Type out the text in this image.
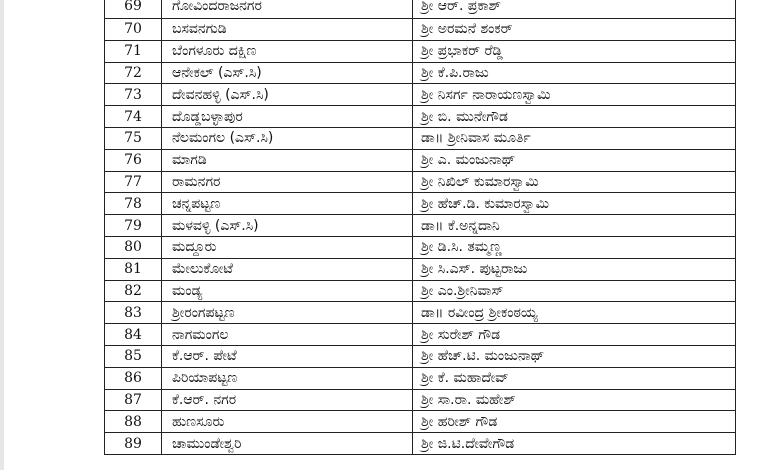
69	ಗೋವಿಂದರಾಜನಗರ	ಶ್ರೀ ಆರ್. ಪ್ರಕಾಶ್
70	ಬಸವನಗುಡಿ	ಶ್ರೀ ಅರಮನೆ ಶಂಕರ್
71	ಬೆಂಗಳೂರು ದಕ್ಷಿಣ	ಶ್ರೀ ಪ್ರಭಾಕರ್ ರೆಡ್ಡಿ
72	ಆನೇಕಲ್ (ಎಸ್.ಸಿ)	ಶ್ರೀ ಕೆ.ಪಿ.ರಾಜು
73	ದೇವನಹಳ್ಳಿ (ಎಸ್.ಸಿ)	ಶ್ರೀ ನಿಸರ್ಗ ನಾರಾಯಣಸ್ವಾಮಿ
74	ದೊಡ್ಡಬಳ್ಳಾಪುರ	ಶ್ರೀ ಬಿ. ಮುನೇಗೌಡ
75	ನೆಲಮಂಗಲ (ಎಸ್.ಸಿ)	ಡಾ॥ ಶ್ರೀನಿವಾಸ ಮೂರ್ತಿ
76	ಮಾಗಡಿ	ಶ್ರೀ ಎ. ಮಂಜುನಾಥ್
77	ರಾಮನಗರ	ಶ್ರೀ ನಿಖಿಲ್ ಕುಮಾರಸ್ವಾಮಿ
78	ಚನ್ನಪಟ್ಟಣ	ಶ್ರೀ ಹೆಚ್.ಡಿ. ಕುಮಾರಸ್ವಾಮಿ
79	ಮಳವಳ್ಳಿ (ಎಸ್.ಸಿ)	ಡಾ॥ ಕೆ.ಅನ್ನದಾನಿ
80	ಮದ್ದೂರು	ಶ್ರೀ ಡಿ.ಸಿ. ತಮ್ಮಣ್ಣ
81	ಮೇಲುಕೋಟೆ	ಶ್ರೀ ಸಿ.ಎಸ್. ಪುಟ್ಟರಾಜು
82	ಮಂಡ್ಯ	ಶ್ರೀ ಎಂ.ಶ್ರೀನಿವಾಸ್
83	ಶ್ರೀರಂಗಪಟ್ಟಣ	ಡಾ॥ ರವೀಂದ್ರ ಶ್ರೀಕಂಠಯ್ಯ
84	ನಾಗಮಂಗಲ	ಶ್ರೀ ಸುರೇಶ್ ಗೌಡ
85	ಕೆ.ಆರ್. ಪೇಟೆ	ಶ್ರೀ ಹೆಚ್.ಟಿ. ಮಂಜುನಾಥ್
86	ಪಿರಿಯಾಪಟ್ಟಣ	ಶ್ರೀ ಕೆ. ಮಹಾದೇವ್
87	ಕೆ.ಆರ್. ನಗರ	ಶ್ರೀ ಸಾ.ರಾ. ಮಹೇಶ್
88	ಹುಣಸೂರು	ಶ್ರೀ ಹರೀಶ್ ಗೌಡ
89	ಚಾಮುಂಡೇಶ್ವರಿ	ಶ್ರೀ ಜಿ.ಟಿ.ದೇವೇಗೌಡ
